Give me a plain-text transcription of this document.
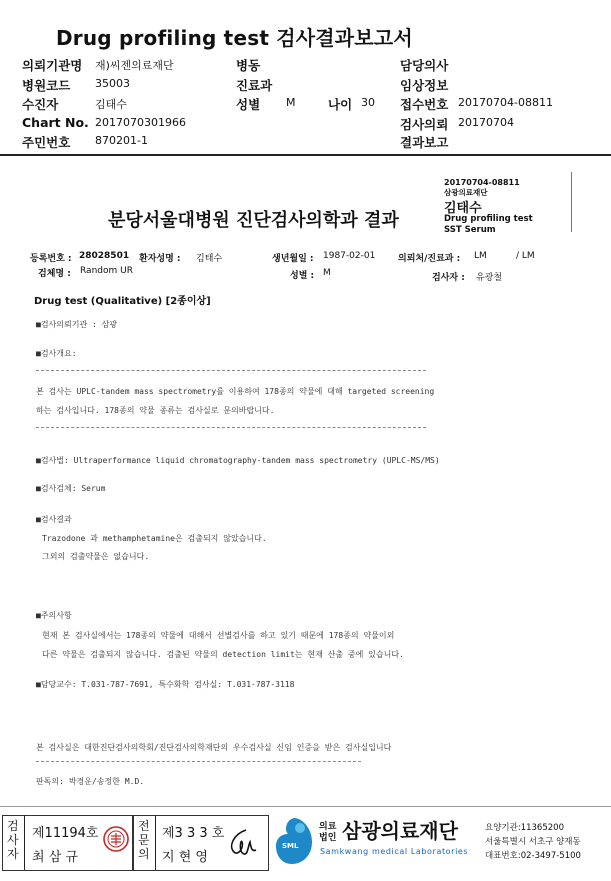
Drug profiling test 검사결과보고서
의뢰기관명 재)씨젠의료재단
병원코드 35003
수진자	김태수
Chart No. 2017070301966
주민번호 870201-1
병동
진료과
성별 M	나이 30
담당의사
임상정보
접수번호 20170704-08811
검사의뢰 20170704
결과보고
20170704-08811
삼광의료재단
김태수
Drug profiling test
SST Serum
분당서울대병원 진단검사의학과 결과
등록번호 : 28028501 환자성명 : 김태수	생년월일 : 1987-02-01	의뢰처/진료과 : LM	/ LM
검체명 : Random UR	성별 : M	검사자 : 유광철
Drug test (Qualitative) [2종이상]
■검사의뢰기관 : 삼광
■검사개요:
본 검사는 UPLC-tandem mass spectrometry를 이용하여 178종의 약물에 대해 targeted screening
하는 검사입니다. 178종의 약물 종류는 검사실로 문의바랍니다.
■검사법: Ultraperformance liquid chromatography-tandem mass spectrometry (UPLC-MS/MS)
■검사검체: Serum
■검사결과
Trazodone 과 methamphetamine은 검출되지 않았습니다.
그외의 검출약물은 없습니다.
■주의사항
현재 본 검사실에서는 178종의 약물에 대해서 선별검사를 하고 있기 때문에 178종의 약물이외
다른 약물은 검출되지 않습니다. 검출된 약물의 detection limit는 현재 산출 중에 있습니다.
■담당교수: T.031-787-7691, 특수화학 검사실: T.031-787-3118
본 검사실은 대한진단검사의학회/진단검사의학재단의 우수검사실 신임 인증을 받은 검사실입니다
판독의: 박경운/송정한 M.D.
검
사
자
제11194호
최 삼 규
전
문
의
제3 3 3 호
지 현 영
SML
의료
법인 삼광의료재단
Samkwang medical Laboratories
요양기관:11365200
서울특별시 서초구 양재동
대표번호:02-3497-5100
